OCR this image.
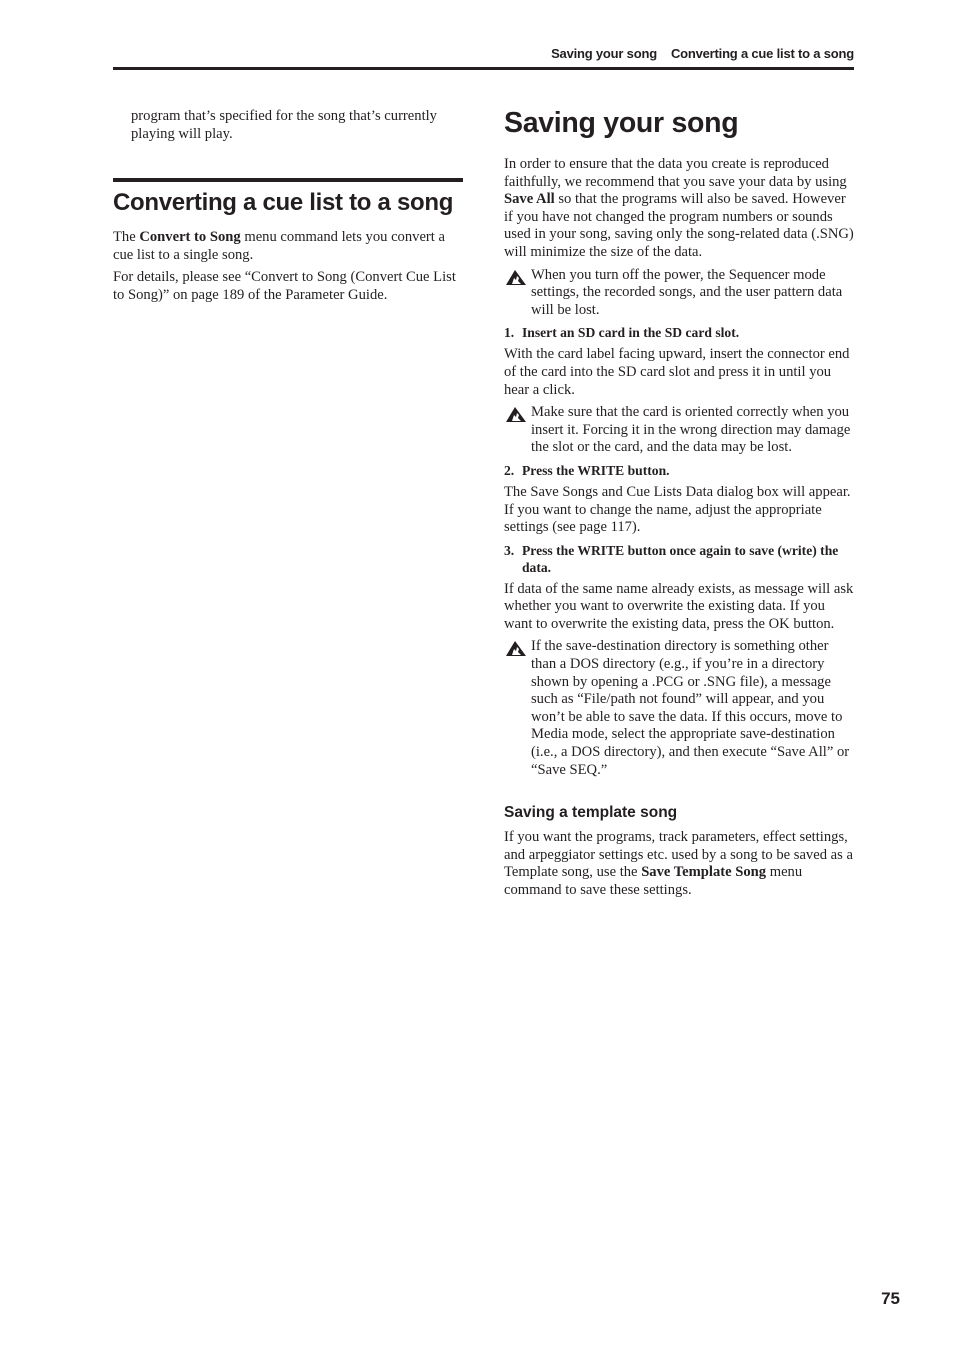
Saving your song Converting a cue list to a song

program that’s specified for the song that’s currently playing will play.

Converting a cue list to a song

The Convert to Song menu command lets you convert a cue list to a single song.

For details, please see “Convert to Song (Convert Cue List to Song)” on page 189 of the Parameter Guide.

Saving your song

In order to ensure that the data you create is reproduced faithfully, we recommend that you save your data by using Save All so that the programs will also be saved. However if you have not changed the program numbers or sounds used in your song, saving only the song-related data (.SNG) will minimize the size of the data.

When you turn off the power, the Sequencer mode settings, the recorded songs, and the user pattern data will be lost.

1. Insert an SD card in the SD card slot.

With the card label facing upward, insert the connector end of the card into the SD card slot and press it in until you hear a click.

Make sure that the card is oriented correctly when you insert it. Forcing it in the wrong direction may damage the slot or the card, and the data may be lost.

2. Press the WRITE button.

The Save Songs and Cue Lists Data dialog box will appear. If you want to change the name, adjust the appropriate settings (see page 117).

3. Press the WRITE button once again to save (write) the data.

If data of the same name already exists, as message will ask whether you want to overwrite the existing data. If you want to overwrite the existing data, press the OK button.

If the save-destination directory is something other than a DOS directory (e.g., if you’re in a directory shown by opening a .PCG or .SNG file), a message such as “File/path not found” will appear, and you won’t be able to save the data. If this occurs, move to Media mode, select the appropriate save-destination (i.e., a DOS directory), and then execute “Save All” or “Save SEQ.”

Saving a template song

If you want the programs, track parameters, effect settings, and arpeggiator settings etc. used by a song to be saved as a Template song, use the Save Template Song menu command to save these settings.

75
